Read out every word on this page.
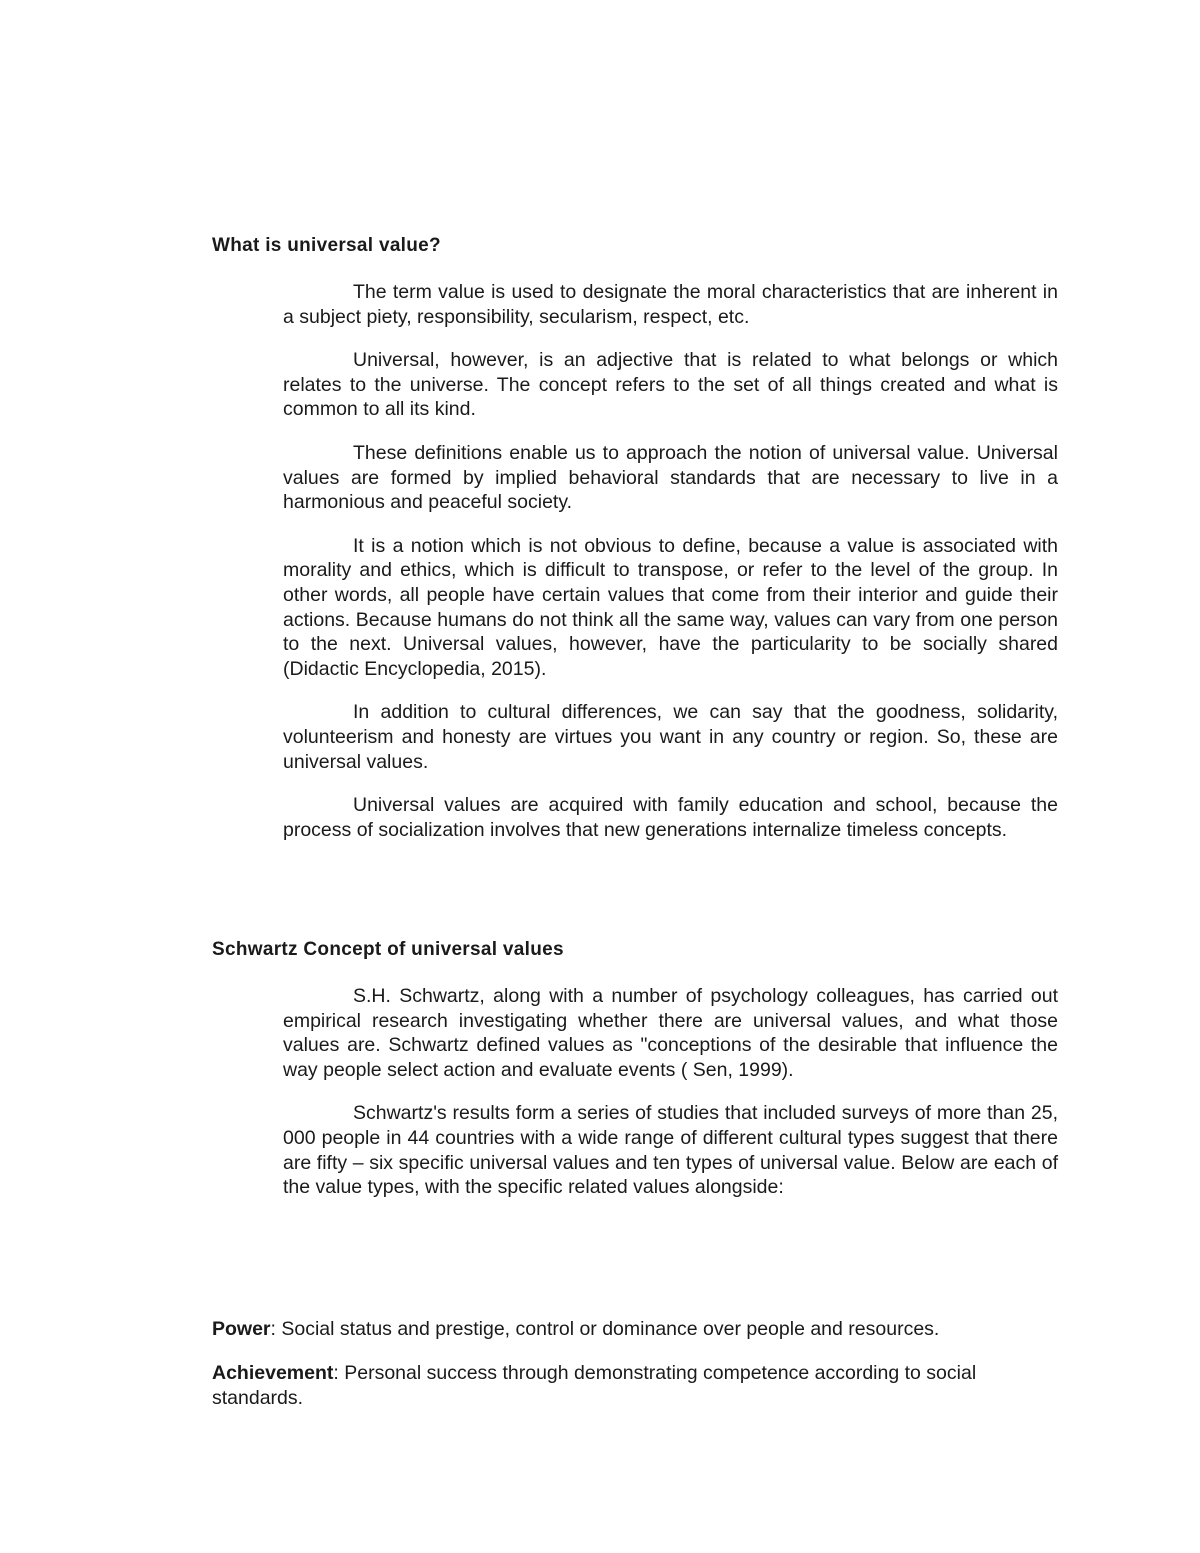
What is universal value?

The term value is used to designate the moral characteristics that are inherent in a subject piety, responsibility, secularism, respect, etc.

Universal, however, is an adjective that is related to what belongs or which relates to the universe. The concept refers to the set of all things created and what is common to all its kind.

These definitions enable us to approach the notion of universal value. Universal values are formed by implied behavioral standards that are necessary to live in a harmonious and peaceful society.

It is a notion which is not obvious to define, because a value is associated with morality and ethics, which is difficult to transpose, or refer to the level of the group. In other words, all people have certain values that come from their interior and guide their actions. Because humans do not think all the same way, values can vary from one person to the next. Universal values, however, have the particularity to be socially shared (Didactic Encyclopedia, 2015).

In addition to cultural differences, we can say that the goodness, solidarity, volunteerism and honesty are virtues you want in any country or region. So, these are universal values.

Universal values are acquired with family education and school, because the process of socialization involves that new generations internalize timeless concepts.

Schwartz Concept of universal values

S.H. Schwartz, along with a number of psychology colleagues, has carried out empirical research investigating whether there are universal values, and what those values are. Schwartz defined values as "conceptions of the desirable that influence the way people select action and evaluate events ( Sen, 1999).

Schwartz's results form a series of studies that included surveys of more than 25, 000 people in 44 countries with a wide range of different cultural types suggest that there are fifty – six specific universal values and ten types of universal value. Below are each of the value types, with the specific related values alongside:

Power: Social status and prestige, control or dominance over people and resources.

Achievement: Personal success through demonstrating competence according to social standards.
